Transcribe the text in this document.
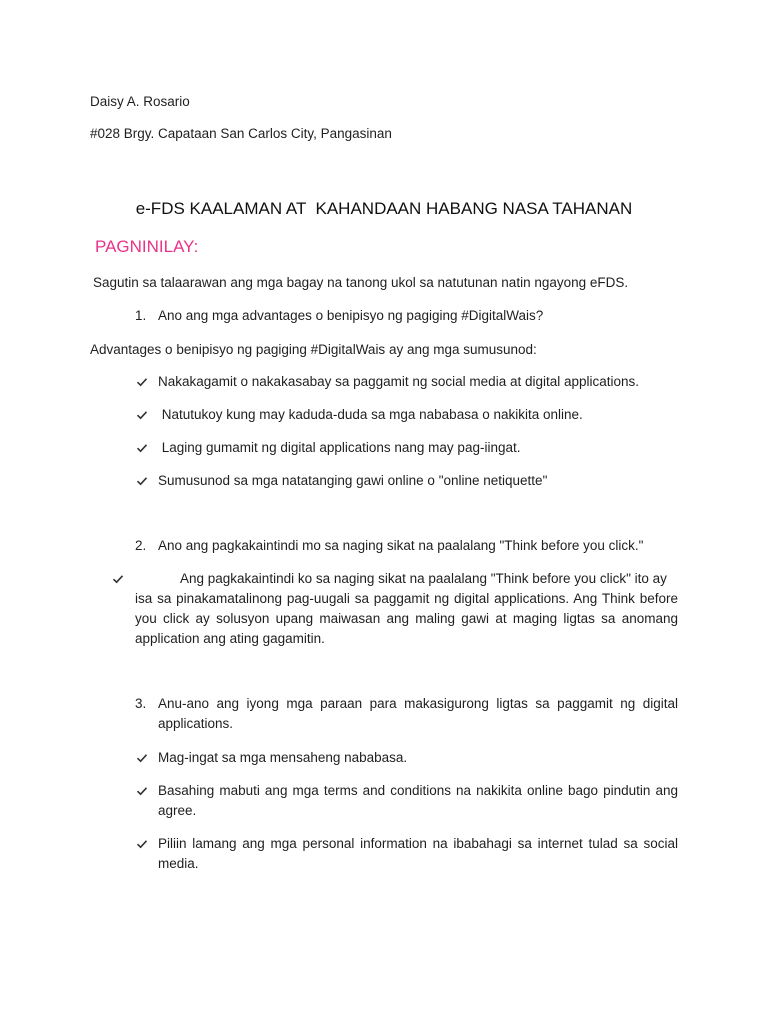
Daisy A. Rosario

#028 Brgy. Capataan San Carlos City, Pangasinan

e-FDS KAALAMAN AT  KAHANDAAN HABANG NASA TAHANAN
PAGNINILAY:

Sagutin sa talaarawan ang mga bagay na tanong ukol sa natutunan natin ngayong eFDS.

1. Ano ang mga advantages o benipisyo ng pagiging #DigitalWais?

Advantages o benipisyo ng pagiging #DigitalWais ay ang mga sumusunod:

Nakakagamit o nakakasabay sa paggamit ng social media at digital applications.

Natutukoy kung may kaduda-duda sa mga nababasa o nakikita online.

Laging gumamit ng digital applications nang may pag-iingat.

Sumusunod sa mga natatanging gawi online o "online netiquette"

2. Ano ang pagkakaintindi mo sa naging sikat na paalalang "Think before you click."

Ang pagkakaintindi ko sa naging sikat na paalalang "Think before you click" ito ay

isa sa pinakamatalinong pag-uugali sa paggamit ng digital applications. Ang Think before you click ay solusyon upang maiwasan ang maling gawi at maging ligtas sa anomang application ang ating gagamitin.

3. Anu-ano ang iyong mga paraan para makasigurong ligtas sa paggamit ng digital applications.

Mag-ingat sa mga mensaheng nababasa.

Basahing mabuti ang mga terms and conditions na nakikita online bago pindutin ang agree.

Piliin lamang ang mga personal information na ibabahagi sa internet tulad sa social media.
